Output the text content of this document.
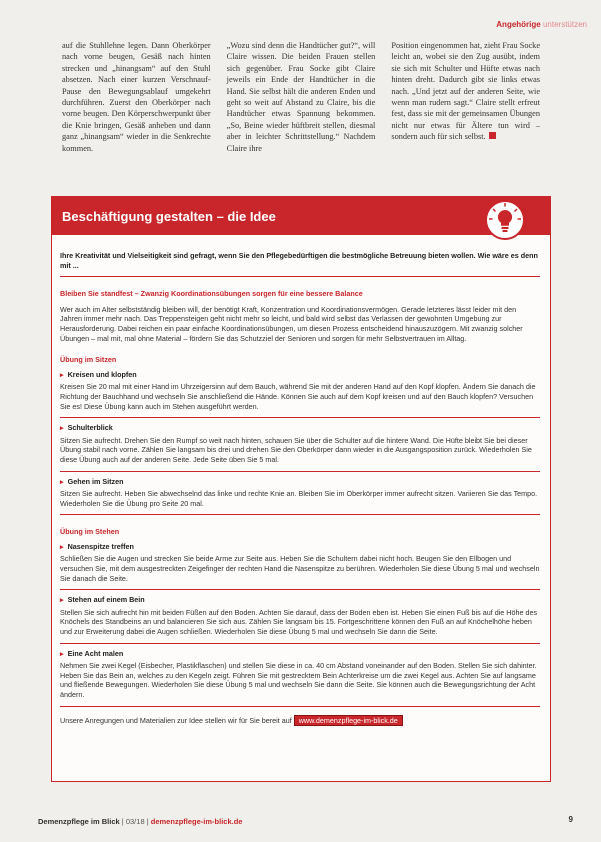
Angehörige unterstützen

auf die Stuhllehne legen. Dann Oberkörper nach vorne beugen, Gesäß nach hinten strecken und „hinangsam“ auf den Stuhl absetzen. Nach einer kurzen Verschnauf-Pause den Bewegungsablauf umgekehrt durchführen. Zuerst den Oberkörper nach vorne beugen. Den Körperschwerpunkt über die Knie bringen, Gesäß anheben und dann ganz „hinangsam“ wieder in die Senkrechte kommen.

„Wozu sind denn die Handtücher gut?“, will Claire wissen. Die beiden Frauen stellen sich gegenüber. Frau Socke gibt Claire jeweils ein Ende der Handtücher in die Hand. Sie selbst hält die anderen Enden und geht so weit auf Abstand zu Claire, bis die Handtücher etwas Spannung bekommen. „So, Beine wieder hüftbreit stellen, diesmal aber in leichter Schrittstellung.“ Nachdem Claire ihre

Position eingenommen hat, zieht Frau Socke leicht an, wobei sie den Zug ausübt, indem sie sich mit Schulter und Hüfte etwas nach hinten dreht. Dadurch gibt sie links etwas nach. „Und jetzt auf der anderen Seite, wie wenn man rudern sagt.“ Claire stellt erfreut fest, dass sie mit der gemeinsamen Übungen nicht nur etwas für Ältere tun wird – sondern auch für sich selbst.

Beschäftigung gestalten – die Idee

Ihre Kreativität und Vielseitigkeit sind gefragt, wenn Sie den Pflegebedürftigen die bestmögliche Betreuung bieten wollen. Wie wäre es denn mit ...

Bleiben Sie standfest – Zwanzig Koordinationsübungen sorgen für eine bessere Balance

Wer auch im Alter selbstständig bleiben will, der benötigt Kraft, Konzentration und Koordinationsvermögen. Gerade letzteres lässt leider mit den Jahren immer mehr nach. Das Treppensteigen geht nicht mehr so leicht, und bald wird selbst das Verlassen der gewohnten Umgebung zur Herausforderung. Dabei reichen ein paar einfache Koordinationsübungen, um diesen Prozess entscheidend hinauszuzögern. Mit zwanzig solcher Übungen – mal mit, mal ohne Material – fördern Sie das Schutzziel der Senioren und sorgen für mehr Selbstvertrauen im Alltag.

Übung im Sitzen

▸ Kreisen und klopfen

Kreisen Sie 20 mal mit einer Hand im Uhrzeigersinn auf dem Bauch, während Sie mit der anderen Hand auf den Kopf klopfen. Ändern Sie danach die Richtung der Bauchhand und wechseln Sie anschließend die Hände. Können Sie auch auf dem Kopf kreisen und auf den Bauch klopfen? Versuchen Sie es! Diese Übung kann auch im Stehen ausgeführt werden.

▸ Schulterblick

Sitzen Sie aufrecht. Drehen Sie den Rumpf so weit nach hinten, schauen Sie über die Schulter auf die hintere Wand. Die Hüfte bleibt Sie bei dieser Übung stabil nach vorne. Zählen Sie langsam bis drei und drehen Sie den Oberkörper dann wieder in die Ausgangsposition zurück. Wiederholen Sie diese Übung auch auf der anderen Seite. Jede Seite üben Sie 5 mal.

▸ Gehen im Sitzen

Sitzen Sie aufrecht. Heben Sie abwechselnd das linke und rechte Knie an. Bleiben Sie im Oberkörper immer aufrecht sitzen. Variieren Sie das Tempo. Wiederholen Sie die Übung pro Seite 20 mal.

Übung im Stehen

▸ Nasenspitze treffen

Schließen Sie die Augen und strecken Sie beide Arme zur Seite aus. Heben Sie die Schultern dabei nicht hoch. Beugen Sie den Ellbogen und versuchen Sie, mit dem ausgestreckten Zeigefinger der rechten Hand die Nasenspitze zu berühren. Wiederholen Sie diese Übung 5 mal und wechseln Sie danach die Seite.

▸ Stehen auf einem Bein

Stellen Sie sich aufrecht hin mit beiden Füßen auf den Boden. Achten Sie darauf, dass der Boden eben ist. Heben Sie einen Fuß bis auf die Höhe des Knöchels des Standbeins an und balancieren Sie sich aus. Zählen Sie langsam bis 15. Fortgeschrittene können den Fuß an auf Knöchelhöhe heben und zur Erweiterung dabei die Augen schließen. Wiederholen Sie diese Übung 5 mal und wechseln Sie dann die Seite.

▸ Eine Acht malen

Nehmen Sie zwei Kegel (Eisbecher, Plastikflaschen) und stellen Sie diese in ca. 40 cm Abstand voneinander auf den Boden. Stellen Sie sich dahinter. Heben Sie das Bein an, welches zu den Kegeln zeigt. Führen Sie mit gestrecktem Bein Achterkreise um die zwei Kegel aus. Achten Sie auf langsame und fließende Bewegungen. Wiederholen Sie diese Übung 5 mal und wechseln Sie dann die Seite. Sie können auch die Bewegungsrichtung der Acht ändern.

Unsere Anregungen und Materialien zur Idee stellen wir für Sie bereit auf www.demenzpflege-im-blick.de

Demenzpflege im Blick | 03/18 | demenzpflege-im-blick.de	9
